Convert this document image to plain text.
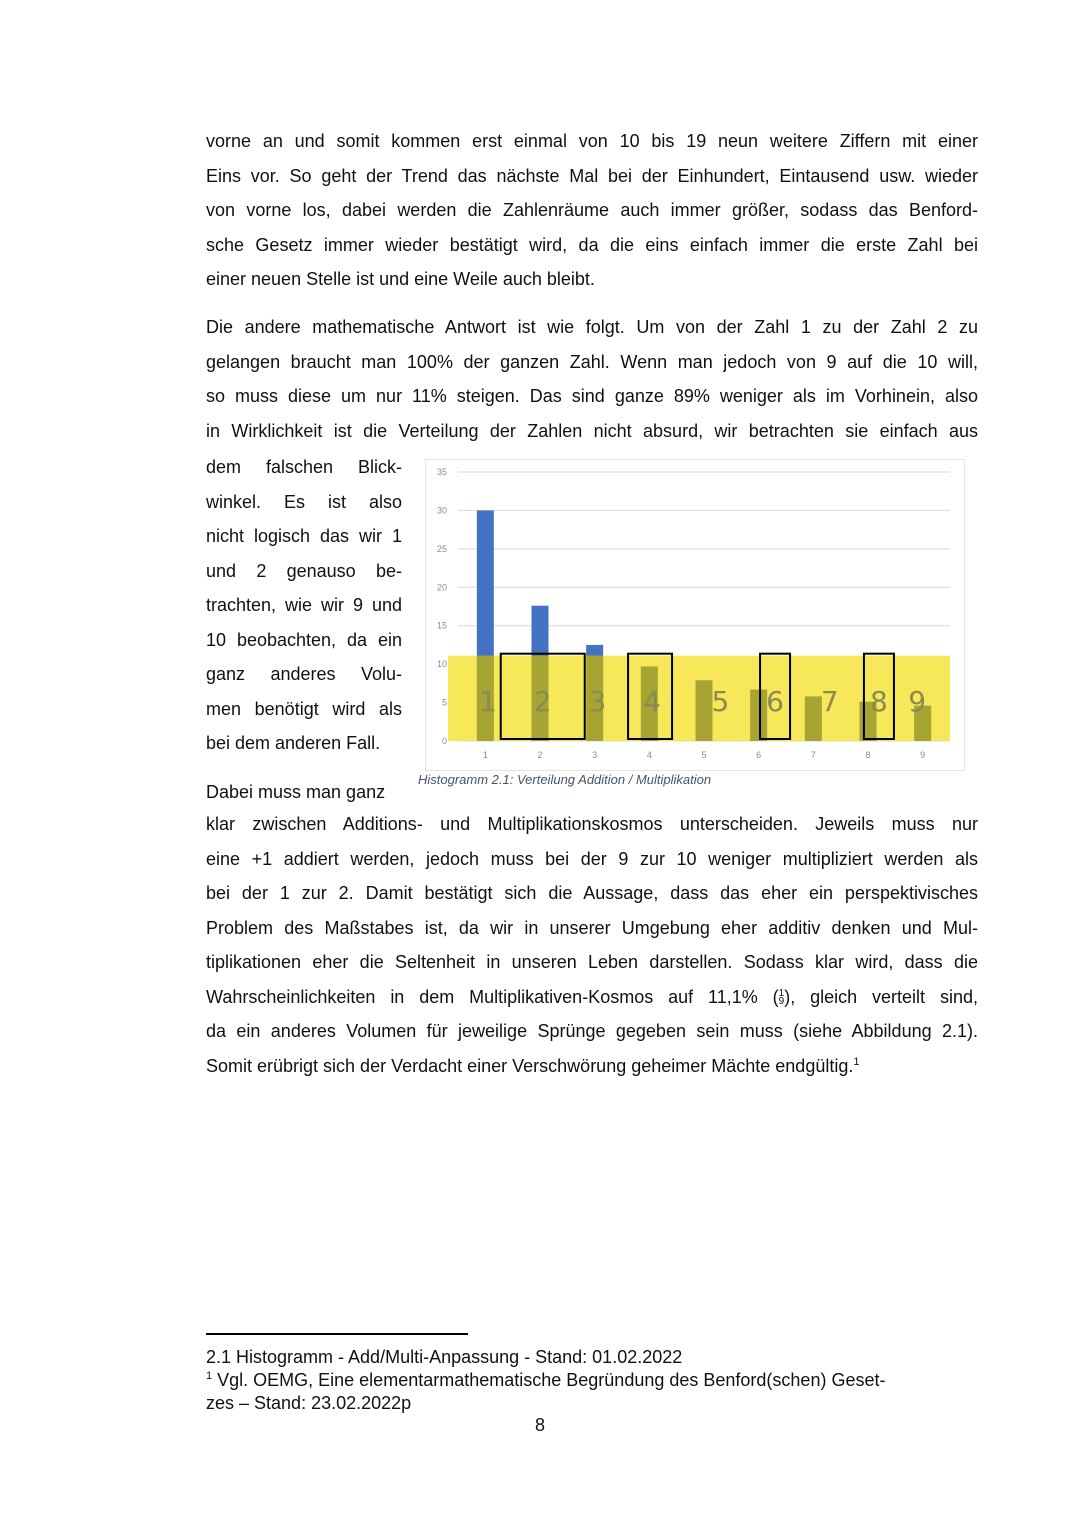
vorne an und somit kommen erst einmal von 10 bis 19 neun weitere Ziffern mit einer
Eins vor. So geht der Trend das nächste Mal bei der Einhundert, Eintausend usw. wieder
von vorne los, dabei werden die Zahlenräume auch immer größer, sodass das Benford-
sche Gesetz immer wieder bestätigt wird, da die eins einfach immer die erste Zahl bei
einer neuen Stelle ist und eine Weile auch bleibt.
Die andere mathematische Antwort ist wie folgt. Um von der Zahl 1 zu der Zahl 2 zu
gelangen braucht man 100% der ganzen Zahl. Wenn man jedoch von 9 auf die 10 will,
so muss diese um nur 11% steigen. Das sind ganze 89% weniger als im Vorhinein, also
in Wirklichkeit ist die Verteilung der Zahlen nicht absurd, wir betrachten sie einfach aus
dem falschen Blick-
winkel. Es ist also
nicht logisch das wir 1
und 2 genauso be-
trachten, wie wir 9 und
10 beobachten, da ein
ganz anderes Volu-
men benötigt wird als
bei dem anderen Fall.
Dabei muss man ganz
0
5
10
15
20
25
30
35
1 2 3 4 5 6 7 8 9
1	2	3	4	5	6	7	8	9
Histogramm 2.1: Verteilung Addition / Multiplikation
klar zwischen Additions- und Multiplikationskosmos unterscheiden. Jeweils muss nur
eine +1 addiert werden, jedoch muss bei der 9 zur 10 weniger multipliziert werden als
bei der 1 zur 2. Damit bestätigt sich die Aussage, dass das eher ein perspektivisches
Problem des Maßstabes ist, da wir in unserer Umgebung eher additiv denken und Mul-
tiplikationen eher die Seltenheit in unseren Leben darstellen. Sodass klar wird, dass die
Wahrscheinlichkeiten in dem Multiplikativen-Kosmos auf 11,1% ( 1
9 ), gleich verteilt sind,
da ein anderes Volumen für jeweilige Sprünge gegeben sein muss (siehe Abbildung 2.1).
Somit erübrigt sich der Verdacht einer Verschwörung geheimer Mächte endgültig.$^1$
2.1 Histogramm - Add/Multi-Anpassung - Stand: 01.02.2022
$^1$ Vgl. OEMG, Eine elementarmathematische Begründung des Benford(schen) Geset-
zes – Stand: 23.02.2022p
8
